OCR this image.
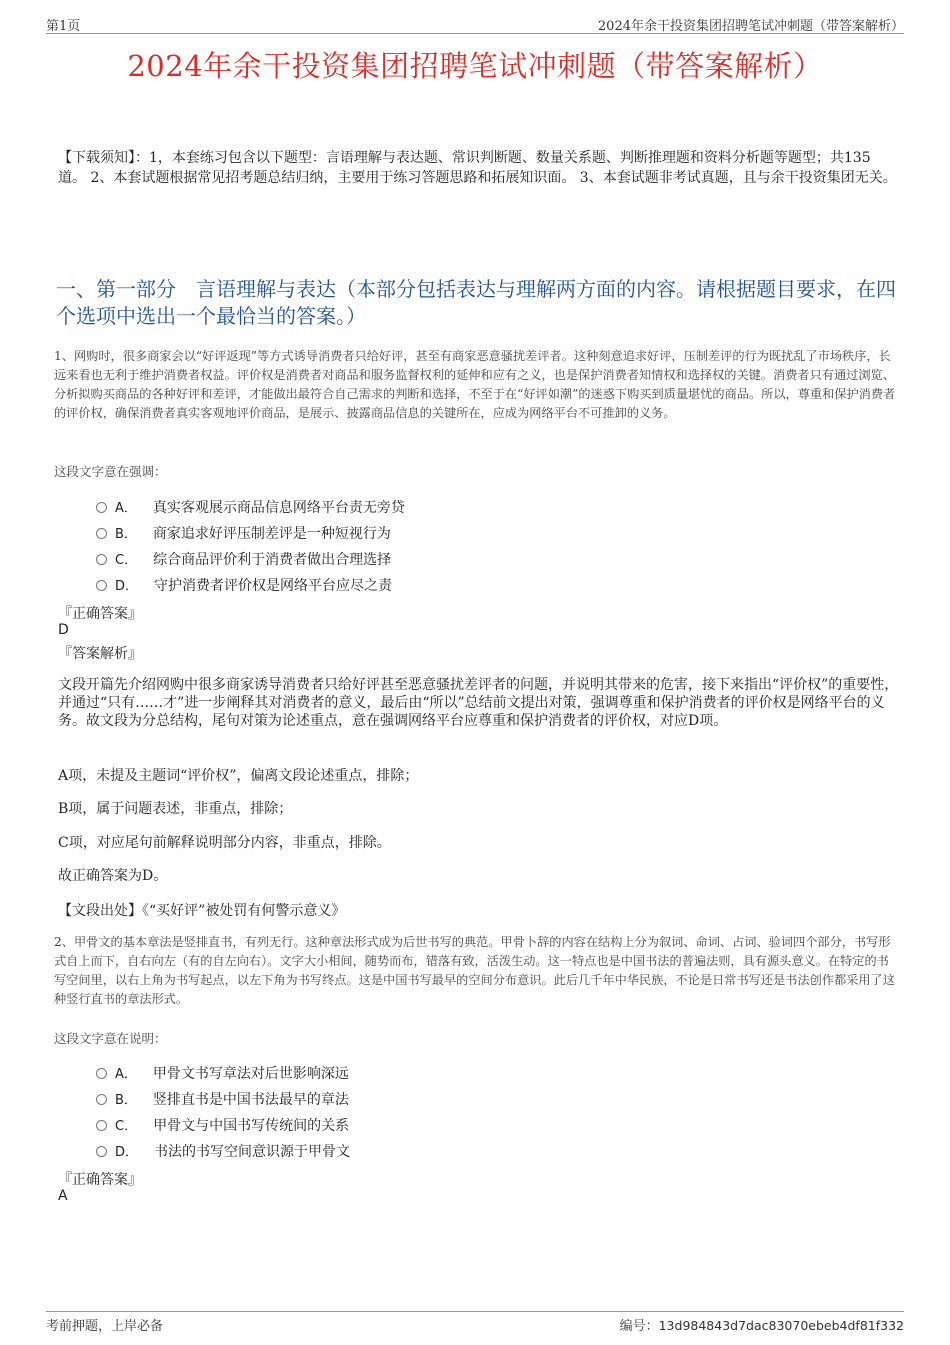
第1页	2024年余干投资集团招聘笔试冲刺题（带答案解析）
2024年余干投资集团招聘笔试冲刺题（带答案解析）
【下载须知】：1，本套练习包含以下题型：言语理解与表达题、常识判断题、数量关系题、判断推理题和资料分析题等题型；共135道。 2、本套试题根据常见招考题总结归纳，主要用于练习答题思路和拓展知识面。 3、本套试题非考试真题，且与余干投资集团无关。
一、第一部分　言语理解与表达（本部分包括表达与理解两方面的内容。请根据题目要求，在四个选项中选出一个最恰当的答案。）
1、网购时，很多商家会以“好评返现”等方式诱导消费者只给好评，甚至有商家恶意骚扰差评者。这种刻意追求好评，压制差评的行为既扰乱了市场秩序，长远来看也无利于维护消费者权益。评价权是消费者对商品和服务监督权利的延伸和应有之义，也是保护消费者知情权和选择权的关键。消费者只有通过浏览、分析拟购买商品的各种好评和差评，才能做出最符合自己需求的判断和选择，不至于在“好评如潮”的迷惑下购买到质量堪忧的商品。所以，尊重和保护消费者的评价权，确保消费者真实客观地评价商品，是展示、披露商品信息的关键所在，应成为网络平台不可推卸的义务。
这段文字意在强调：
A． 真实客观展示商品信息网络平台责无旁贷
B． 商家追求好评压制差评是一种短视行为
C． 综合商品评价利于消费者做出合理选择
D． 守护消费者评价权是网络平台应尽之责
『正确答案』
D
『答案解析』
文段开篇先介绍网购中很多商家诱导消费者只给好评甚至恶意骚扰差评者的问题，并说明其带来的危害，接下来指出“评价权”的重要性，并通过“只有……才”进一步阐释其对消费者的意义，最后由“所以”总结前文提出对策，强调尊重和保护消费者的评价权是网络平台的义务。故文段为分总结构，尾句对策为论述重点，意在强调网络平台应尊重和保护消费者的评价权，对应D项。
A项，未提及主题词“评价权”，偏离文段论述重点，排除；
B项，属于问题表述，非重点，排除；
C项，对应尾句前解释说明部分内容，非重点，排除。
故正确答案为D。
【文段出处】《“买好评”被处罚有何警示意义》
2、甲骨文的基本章法是竖排直书，有列无行。这种章法形式成为后世书写的典范。甲骨卜辞的内容在结构上分为叙词、命词、占词、验词四个部分，书写形式自上而下，自右向左（有的自左向右）。文字大小相间，随势而布，错落有致，活泼生动。这一特点也是中国书法的普遍法则，具有源头意义。在特定的书写空间里，以右上角为书写起点，以左下角为书写终点。这是中国书写最早的空间分布意识。此后几千年中华民族，不论是日常书写还是书法创作都采用了这种竖行直书的章法形式。
这段文字意在说明：
A． 甲骨文书写章法对后世影响深远
B． 竖排直书是中国书法最早的章法
C． 甲骨文与中国书写传统间的关系
D． 书法的书写空间意识源于甲骨文
『正确答案』
A
考前押题，上岸必备	编号：13d984843d7dac83070ebeb4df81f332
